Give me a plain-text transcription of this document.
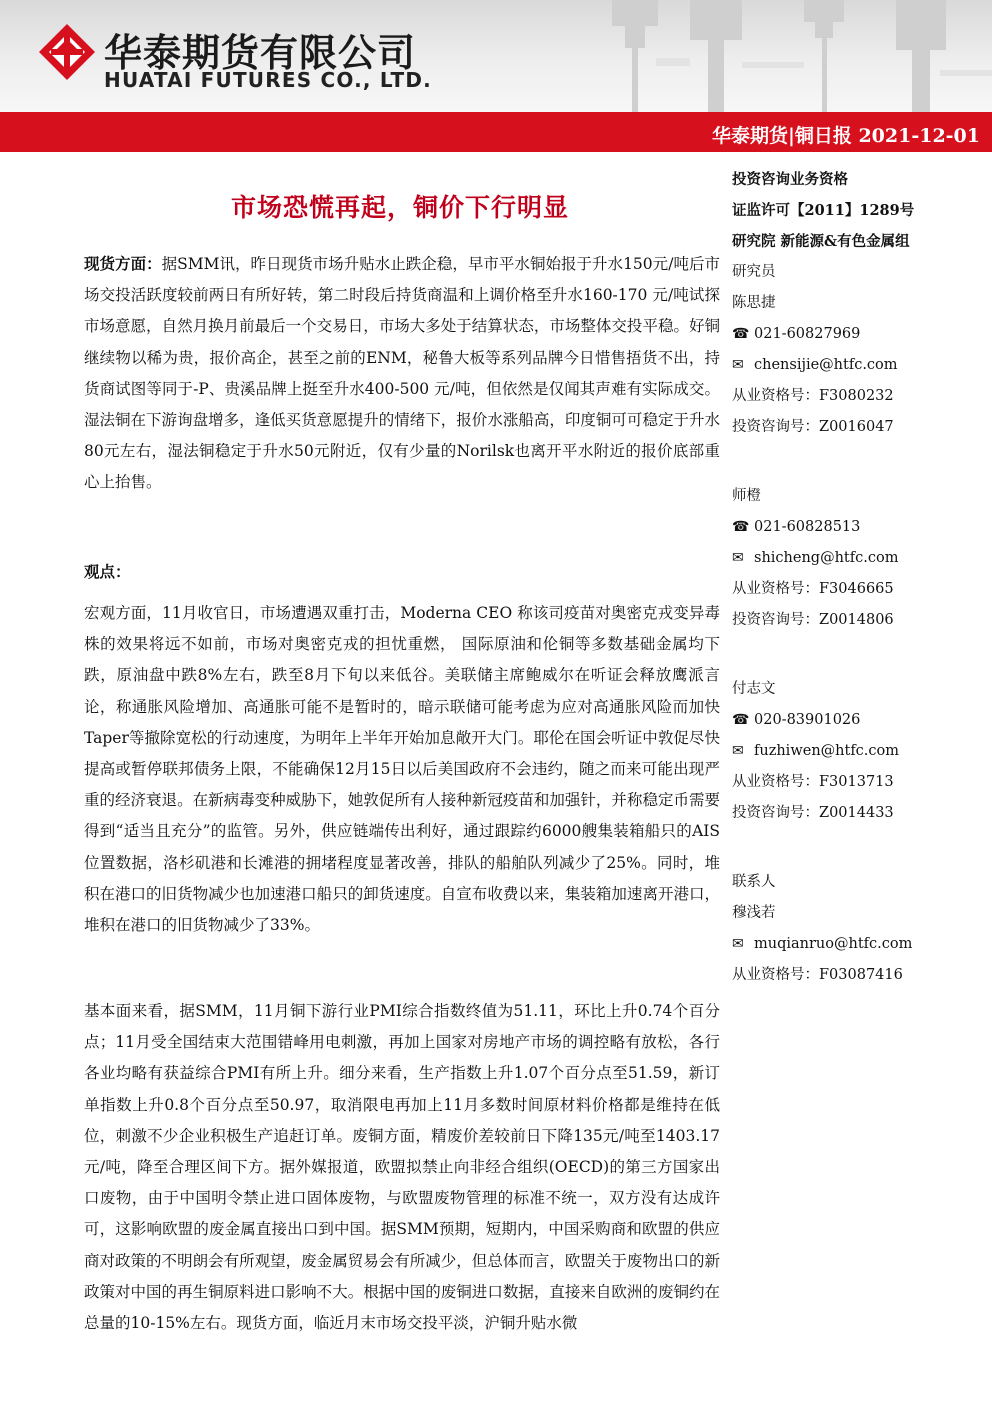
华泰期货有限公司
HUATAI FUTURES CO., LTD.
华泰期货|铜日报 2021-12-01
市场恐慌再起，铜价下行明显

现货方面：据SMM讯，昨日现货市场升贴水止跌企稳，早市平水铜始报于升水150元/吨后市场交投活跃度较前两日有所好转，第二时段后持货商温和上调价格至升水160-170 元/吨试探市场意愿，自然月换月前最后一个交易日，市场大多处于结算状态，市场整体交投平稳。好铜继续物以稀为贵，报价高企，甚至之前的ENM，秘鲁大板等系列品牌今日惜售捂货不出，持货商试图等同于-P、贵溪品牌上挺至升水400-500 元/吨，但依然是仅闻其声难有实际成交。湿法铜在下游询盘增多，逢低买货意愿提升的情绪下，报价水涨船高，印度铜可可稳定于升水80元左右，湿法铜稳定于升水50元附近，仅有少量的Norilsk也离开平水附近的报价底部重心上抬售。

观点：

宏观方面，11月收官日，市场遭遇双重打击，Moderna CEO 称该司疫苗对奥密克戎变异毒株的效果将远不如前，市场对奥密克戎的担忧重燃， 国际原油和伦铜等多数基础金属均下跌，原油盘中跌8%左右，跌至8月下旬以来低谷。美联储主席鲍威尔在听证会释放鹰派言论，称通胀风险增加、高通胀可能不是暂时的，暗示联储可能考虑为应对高通胀风险而加快Taper等撤除宽松的行动速度，为明年上半年开始加息敞开大门。耶伦在国会听证中敦促尽快提高或暂停联邦债务上限，不能确保12月15日以后美国政府不会违约，随之而来可能出现严重的经济衰退。在新病毒变种威胁下，她敦促所有人接种新冠疫苗和加强针，并称稳定币需要得到“适当且充分”的监管。另外，供应链端传出利好，通过跟踪约6000艘集装箱船只的AIS位置数据，洛杉矶港和长滩港的拥堵程度显著改善，排队的船舶队列减少了25%。同时，堆积在港口的旧货物减少也加速港口船只的卸货速度。自宣布收费以来，集装箱加速离开港口，堆积在港口的旧货物减少了33%。

基本面来看，据SMM，11月铜下游行业PMI综合指数终值为51.11，环比上升0.74个百分点；11月受全国结束大范围错峰用电刺激，再加上国家对房地产市场的调控略有放松，各行各业均略有获益综合PMI有所上升。细分来看，生产指数上升1.07个百分点至51.59，新订单指数上升0.8个百分点至50.97，取消限电再加上11月多数时间原材料价格都是维持在低位，刺激不少企业积极生产追赶订单。废铜方面，精废价差较前日下降135元/吨至1403.17元/吨，降至合理区间下方。据外媒报道，欧盟拟禁止向非经合组织(OECD)的第三方国家出口废物，由于中国明令禁止进口固体废物，与欧盟废物管理的标准不统一，双方没有达成许可，这影响欧盟的废金属直接出口到中国。据SMM预期，短期内，中国采购商和欧盟的供应商对政策的不明朗会有所观望，废金属贸易会有所减少，但总体而言，欧盟关于废物出口的新政策对中国的再生铜原料进口影响不大。根据中国的废铜进口数据，直接来自欧洲的废铜约在总量的10-15%左右。现货方面，临近月末市场交投平淡，沪铜升贴水微

投资咨询业务资格

证监许可【2011】1289号

研究院 新能源&有色金属组

研究员

陈思捷

☎ 021-60827969

✉ chensijie@htfc.com

从业资格号：F3080232

投资咨询号：Z0016047

师橙

☎ 021-60828513

✉ shicheng@htfc.com

从业资格号：F3046665

投资咨询号：Z0014806

付志文

☎ 020-83901026

✉ fuzhiwen@htfc.com

从业资格号：F3013713

投资咨询号：Z0014433

联系人

穆浅若

✉ muqianruo@htfc.com

从业资格号：F03087416
